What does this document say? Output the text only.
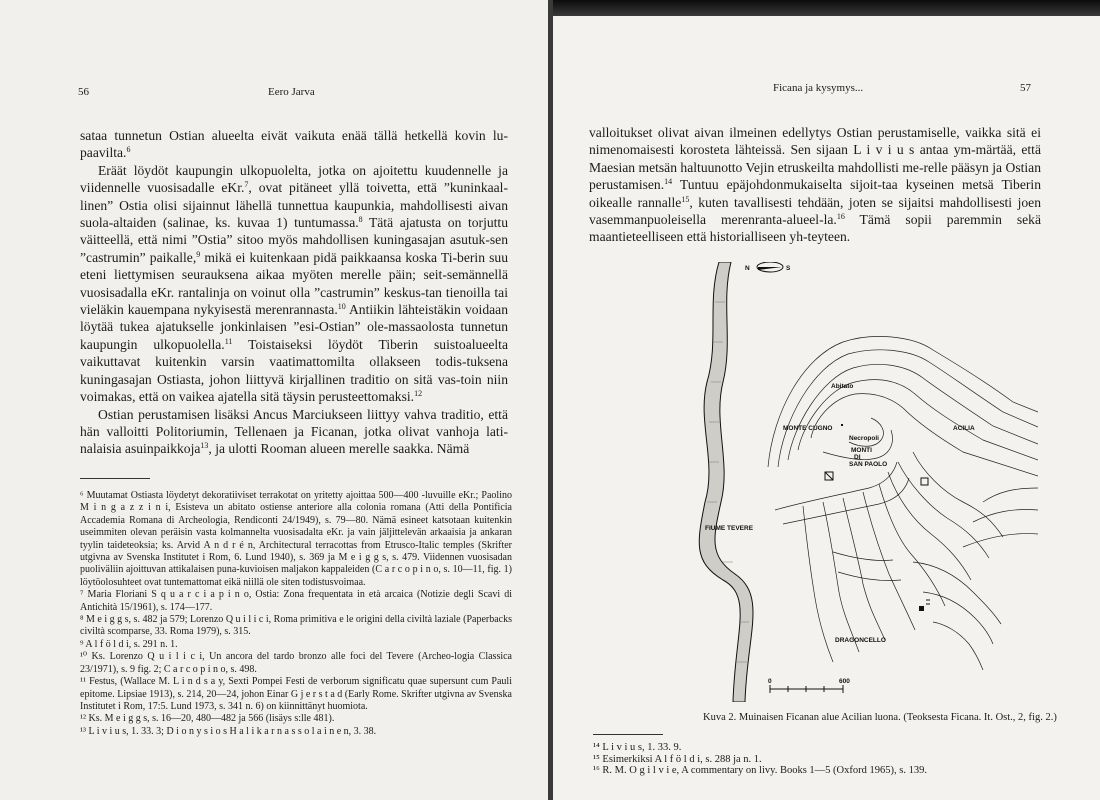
56	Eero Jarva

sataa tunnetun Ostian alueelta eivät vaikuta enää tällä hetkellä kovin lu-paavilta.$^6$

Eräät löydöt kaupungin ulkopuolelta, jotka on ajoitettu kuudennelle ja viidennelle vuosisadalle eKr.$^7$, ovat pitäneet yllä toivetta, että ”kuninkaal-linen” Ostia olisi sijainnut lähellä tunnettua kaupunkia, mahdollisesti aivan suola-altaiden (salinae, ks. kuvaa 1) tuntumassa.$^8$ Tätä ajatusta on torjuttu väitteellä, että nimi ”Ostia” sitoo myös mahdollisen kuningasajan asutuk-sen ”castrumin” paikalle,$^9$ mikä ei kuitenkaan pidä paikkaansa koska Ti-berin suu eteni liettymisen seurauksena aikaa myöten merelle päin; seit-semännellä vuosisadalla eKr. rantalinja on voinut olla ”castrumin” keskus-tan tienoilla tai vieläkin kauempana nykyisestä merenrannasta.$^{10}$ Antiikin lähteistäkin voidaan löytää tukea ajatukselle jonkinlaisen ”esi-Ostian” ole-massaolosta tunnetun kaupungin ulkopuolella.$^{11}$ Toistaiseksi löydöt Tiberin suistoalueelta vaikuttavat kuitenkin varsin vaatimattomilta ollakseen todis-tuksena kuningasajan Ostiasta, johon liittyvä kirjallinen traditio on sitä vas-toin niin voimakas, että on vaikea ajatella sitä täysin perusteettomaksi.$^{12}$

Ostian perustamisen lisäksi Ancus Marciukseen liittyy vahva traditio, että hän valloitti Politoriumin, Tellenaen ja Ficanan, jotka olivat vanhoja lati-nalaisia asuinpaikkoja$^{13}$, ja ulotti Rooman alueen merelle saakka. Nämä

⁶ Muutamat Ostiasta löydetyt dekoratiiviset terrakotat on yritetty ajoittaa 500—400 -luvuille eKr.; Paolino M i n g a z z i n i, Esisteva un abitato ostiense anteriore alla colonia romana (Atti della Pontificia Accademia Romana di Archeologia, Rendiconti 24/1949), s. 79—80. Nämä esineet katsotaan kuitenkin useimmiten olevan peräisin vasta kolmannelta vuosisadalta eKr. ja vain jäljittelevän arkaaisia ja ankaran tyylin taideteoksia; ks. Arvid A n d r é n, Architectural terracottas from Etrusco-Italic temples (Skrifter utgivna av Svenska Institutet i Rom, 6. Lund 1940), s. 369 ja M e i g g s, s. 479. Viidennen vuosisadan puoliväliin ajoittuvan attikalaisen puna-kuvioisen maljakon kappaleiden (C a r c o p i n o, s. 10—11, fig. 1) löytöolosuhteet ovat tuntemattomat eikä niillä ole siten todistusvoimaa.

⁷ Maria Floriani S q u a r c i a p i n o, Ostia: Zona frequentata in età arcaica (Notizie degli Scavi di Antichità 15/1961), s. 174—177.

⁸ M e i g g s, s. 482 ja 579; Lorenzo Q u i l i c i, Roma primitiva e le origini della civiltà laziale (Paperbacks civiltà scomparse, 33. Roma 1979), s. 315.

⁹ A l f ö l d i, s. 291 n. 1.

¹⁰ Ks. Lorenzo Q u i l i c i, Un ancora del tardo bronzo alle foci del Tevere (Archeo-logia Classica 23/1971), s. 9 fig. 2; C a r c o p i n o, s. 498.

¹¹ Festus, (Wallace M. L i n d s a y, Sexti Pompei Festi de verborum significatu quae supersunt cum Pauli epitome. Lipsiae 1913), s. 214, 20—24, johon Einar G j e r s t a d (Early Rome. Skrifter utgivna av Svenska Institutet i Rom, 17:5. Lund 1973, s. 341 n. 6) on kiinnittänyt huomiota.

¹² Ks. M e i g g s, s. 16—20, 480—482 ja 566 (lisäys s:lle 481).

¹³ L i v i u s, 1. 33. 3; D i o n y s i o s H a l i k a r n a s s o l a i n e n, 3. 38.

Ficana ja kysymys...	57

valloitukset olivat aivan ilmeinen edellytys Ostian perustamiselle, vaikka sitä ei nimenomaisesti korosteta lähteissä. Sen sijaan L i v i u s antaa ym-märtää, että Maesian metsän haltuunotto Vejin etruskeilta mahdollisti me-relle pääsyn ja Ostian perustamisen.$^{14}$ Tuntuu epäjohdonmukaiselta sijoit-taa kyseinen metsä Tiberin oikealle rannalle$^{15}$, kuten tavallisesti tehdään, joten se sijaitsi mahdollisesti joen vasemmanpuoleisella merenranta-alueel-la.$^{16}$ Tämä sopii paremmin sekä maantieteelliseen että historialliseen yh-teyteen.

N	S
0	600
Abitato
MONTE CUGNO
Necropoli
ACILIA
MONTI
DI
SAN PAOLO
FIUME TEVERE
DRAGONCELLO
Kuva 2. Muinaisen Ficanan alue Acilian luona. (Teoksesta Ficana. It. Ost., 2, fig. 2.)

¹⁴ L i v i u s, 1. 33. 9.

¹⁵ Esimerkiksi A l f ö l d i, s. 288 ja n. 1.

¹⁶ R. M. O g i l v i e, A commentary on livy. Books 1—5 (Oxford 1965), s. 139.
